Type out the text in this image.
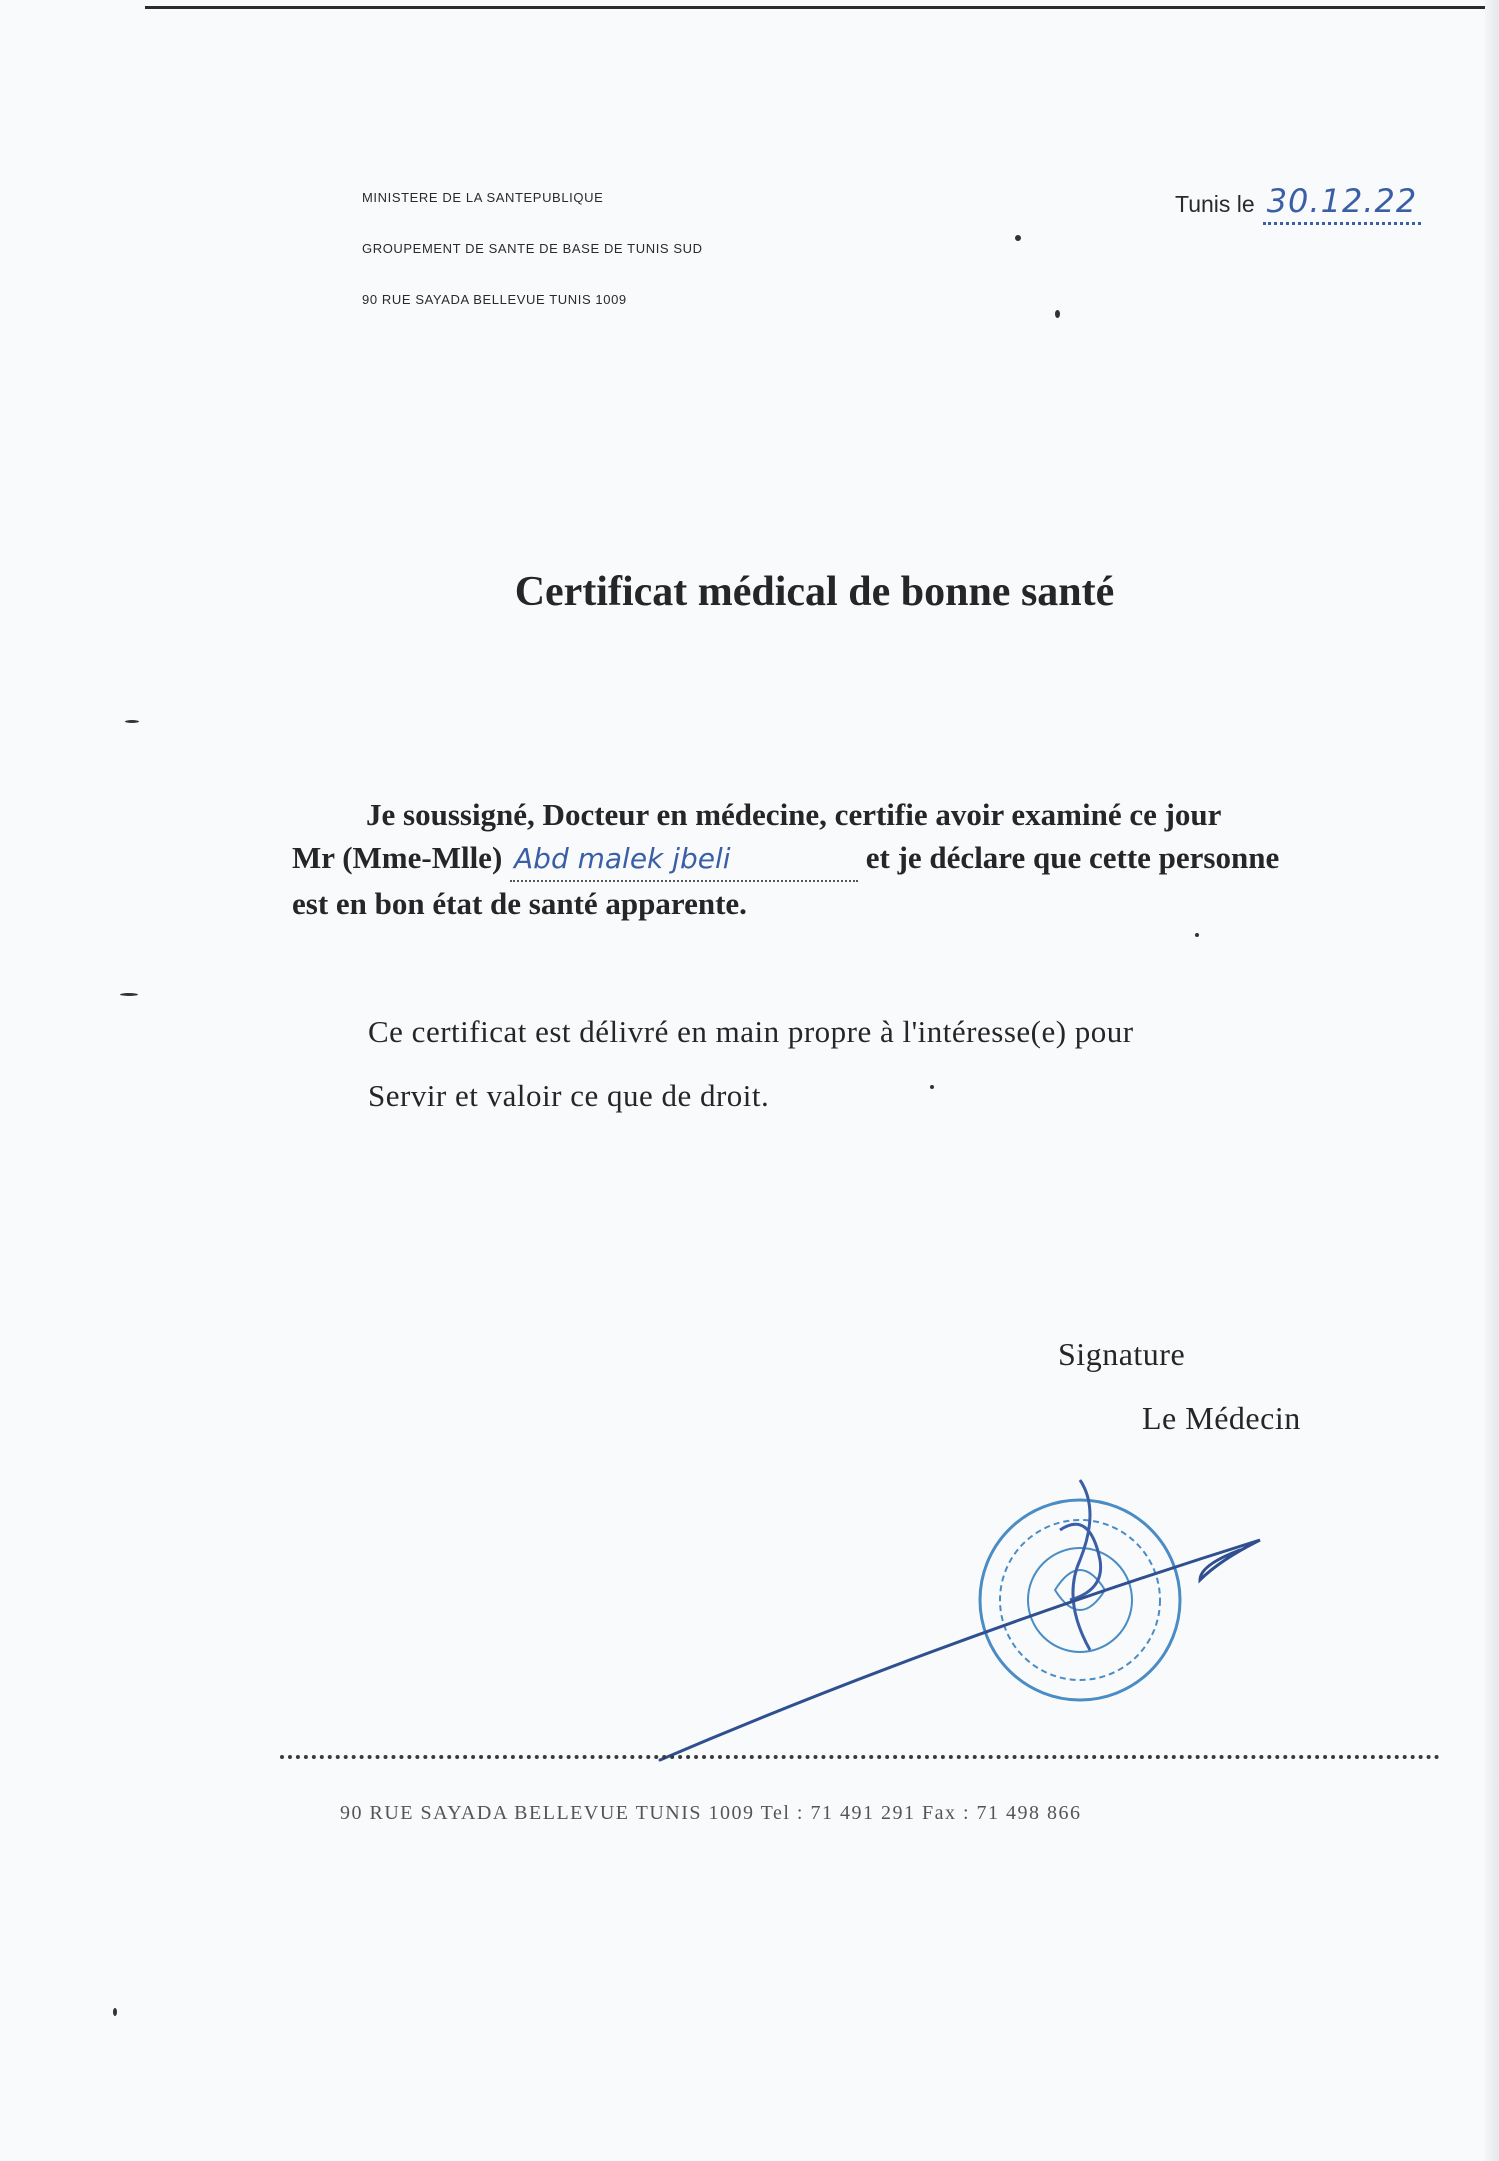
MINISTERE DE LA SANTEPUBLIQUE
GROUPEMENT DE SANTE DE BASE DE TUNIS SUD
90 RUE SAYADA BELLEVUE TUNIS 1009
Tunis le 30.12.22
Certificat médical de bonne santé
Je soussigné, Docteur en médecine, certifie avoir examiné ce jour
Mr (Mme-Mlle) Abd malek jbeli	et je déclare que cette personne
est en bon état de santé apparente.
Ce certificat est délivré en main propre à l'intéresse(e) pour
Servir et valoir ce que de droit.
Signature
Le Médecin
90 RUE SAYADA BELLEVUE TUNIS 1009 Tel : 71 491 291 Fax : 71 498 866
